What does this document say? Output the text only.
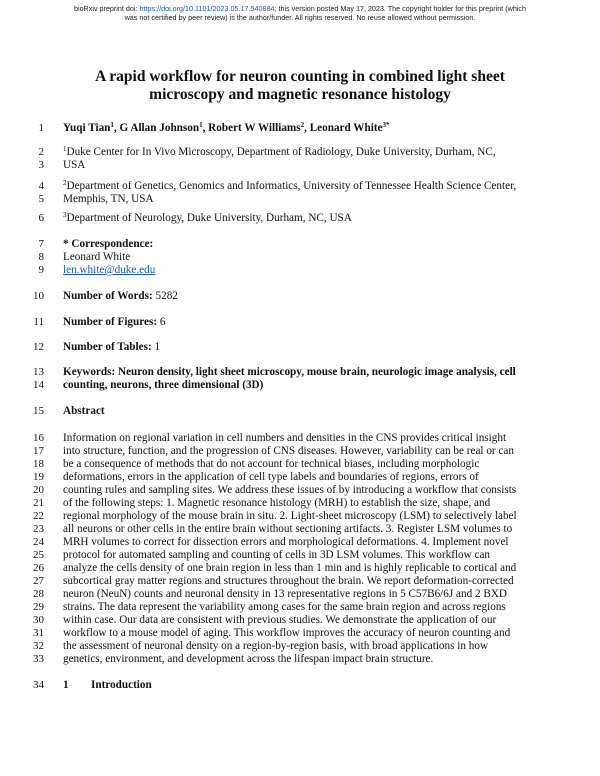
bioRxiv preprint doi: https://doi.org/10.1101/2023.05.17.540884; this version posted May 17, 2023. The copyright holder for this preprint (which
was not certified by peer review) is the author/funder. All rights reserved. No reuse allowed without permission.
A rapid workflow for neuron counting in combined light sheet
microscopy and magnetic resonance histology
1
2
3
4
5
6
7
8
9
10
11
12
13
14
15
16
17
18
19
20
21
22
23
24
25
26
27
28
29
30
31
32
33
34
Yuqi Tian$^1$, G Allan Johnson$^1$, Robert W Williams$^2$, Leonard White$^{3*}$
$^1$Duke Center for In Vivo Microscopy, Department of Radiology, Duke University, Durham, NC,
USA
$^2$Department of Genetics, Genomics and Informatics, University of Tennessee Health Science Center,
Memphis, TN, USA
$^3$Department of Neurology, Duke University, Durham, NC, USA
* Correspondence:
Leonard White
len.white@duke.edu
Number of Words: 5282
Number of Figures: 6
Number of Tables: 1
Keywords: Neuron density, light sheet microscopy, mouse brain, neurologic image analysis, cell
counting, neurons, three dimensional (3D)
Abstract
Information on regional variation in cell numbers and densities in the CNS provides critical insight
into structure, function, and the progression of CNS diseases. However, variability can be real or can
be a consequence of methods that do not account for technical biases, including morphologic
deformations, errors in the application of cell type labels and boundaries of regions, errors of
counting rules and sampling sites. We address these issues of by introducing a workflow that consists
of the following steps: 1. Magnetic resonance histology (MRH) to establish the size, shape, and
regional morphology of the mouse brain in situ. 2. Light-sheet microscopy (LSM) to selectively label
all neurons or other cells in the entire brain without sectioning artifacts. 3. Register LSM volumes to
MRH volumes to correct for dissection errors and morphological deformations. 4. Implement novel
protocol for automated sampling and counting of cells in 3D LSM volumes. This workflow can
analyze the cells density of one brain region in less than 1 min and is highly replicable to cortical and
subcortical gray matter regions and structures throughout the brain. We report deformation-corrected
neuron (NeuN) counts and neuronal density in 13 representative regions in 5 C57B6/6J and 2 BXD
strains. The data represent the variability among cases for the same brain region and across regions
within case. Our data are consistent with previous studies. We demonstrate the application of our
workflow to a mouse model of aging. This workflow improves the accuracy of neuron counting and
the assessment of neuronal density on a region-by-region basis, with broad applications in how
genetics, environment, and development across the lifespan impact brain structure.
1 Introduction
